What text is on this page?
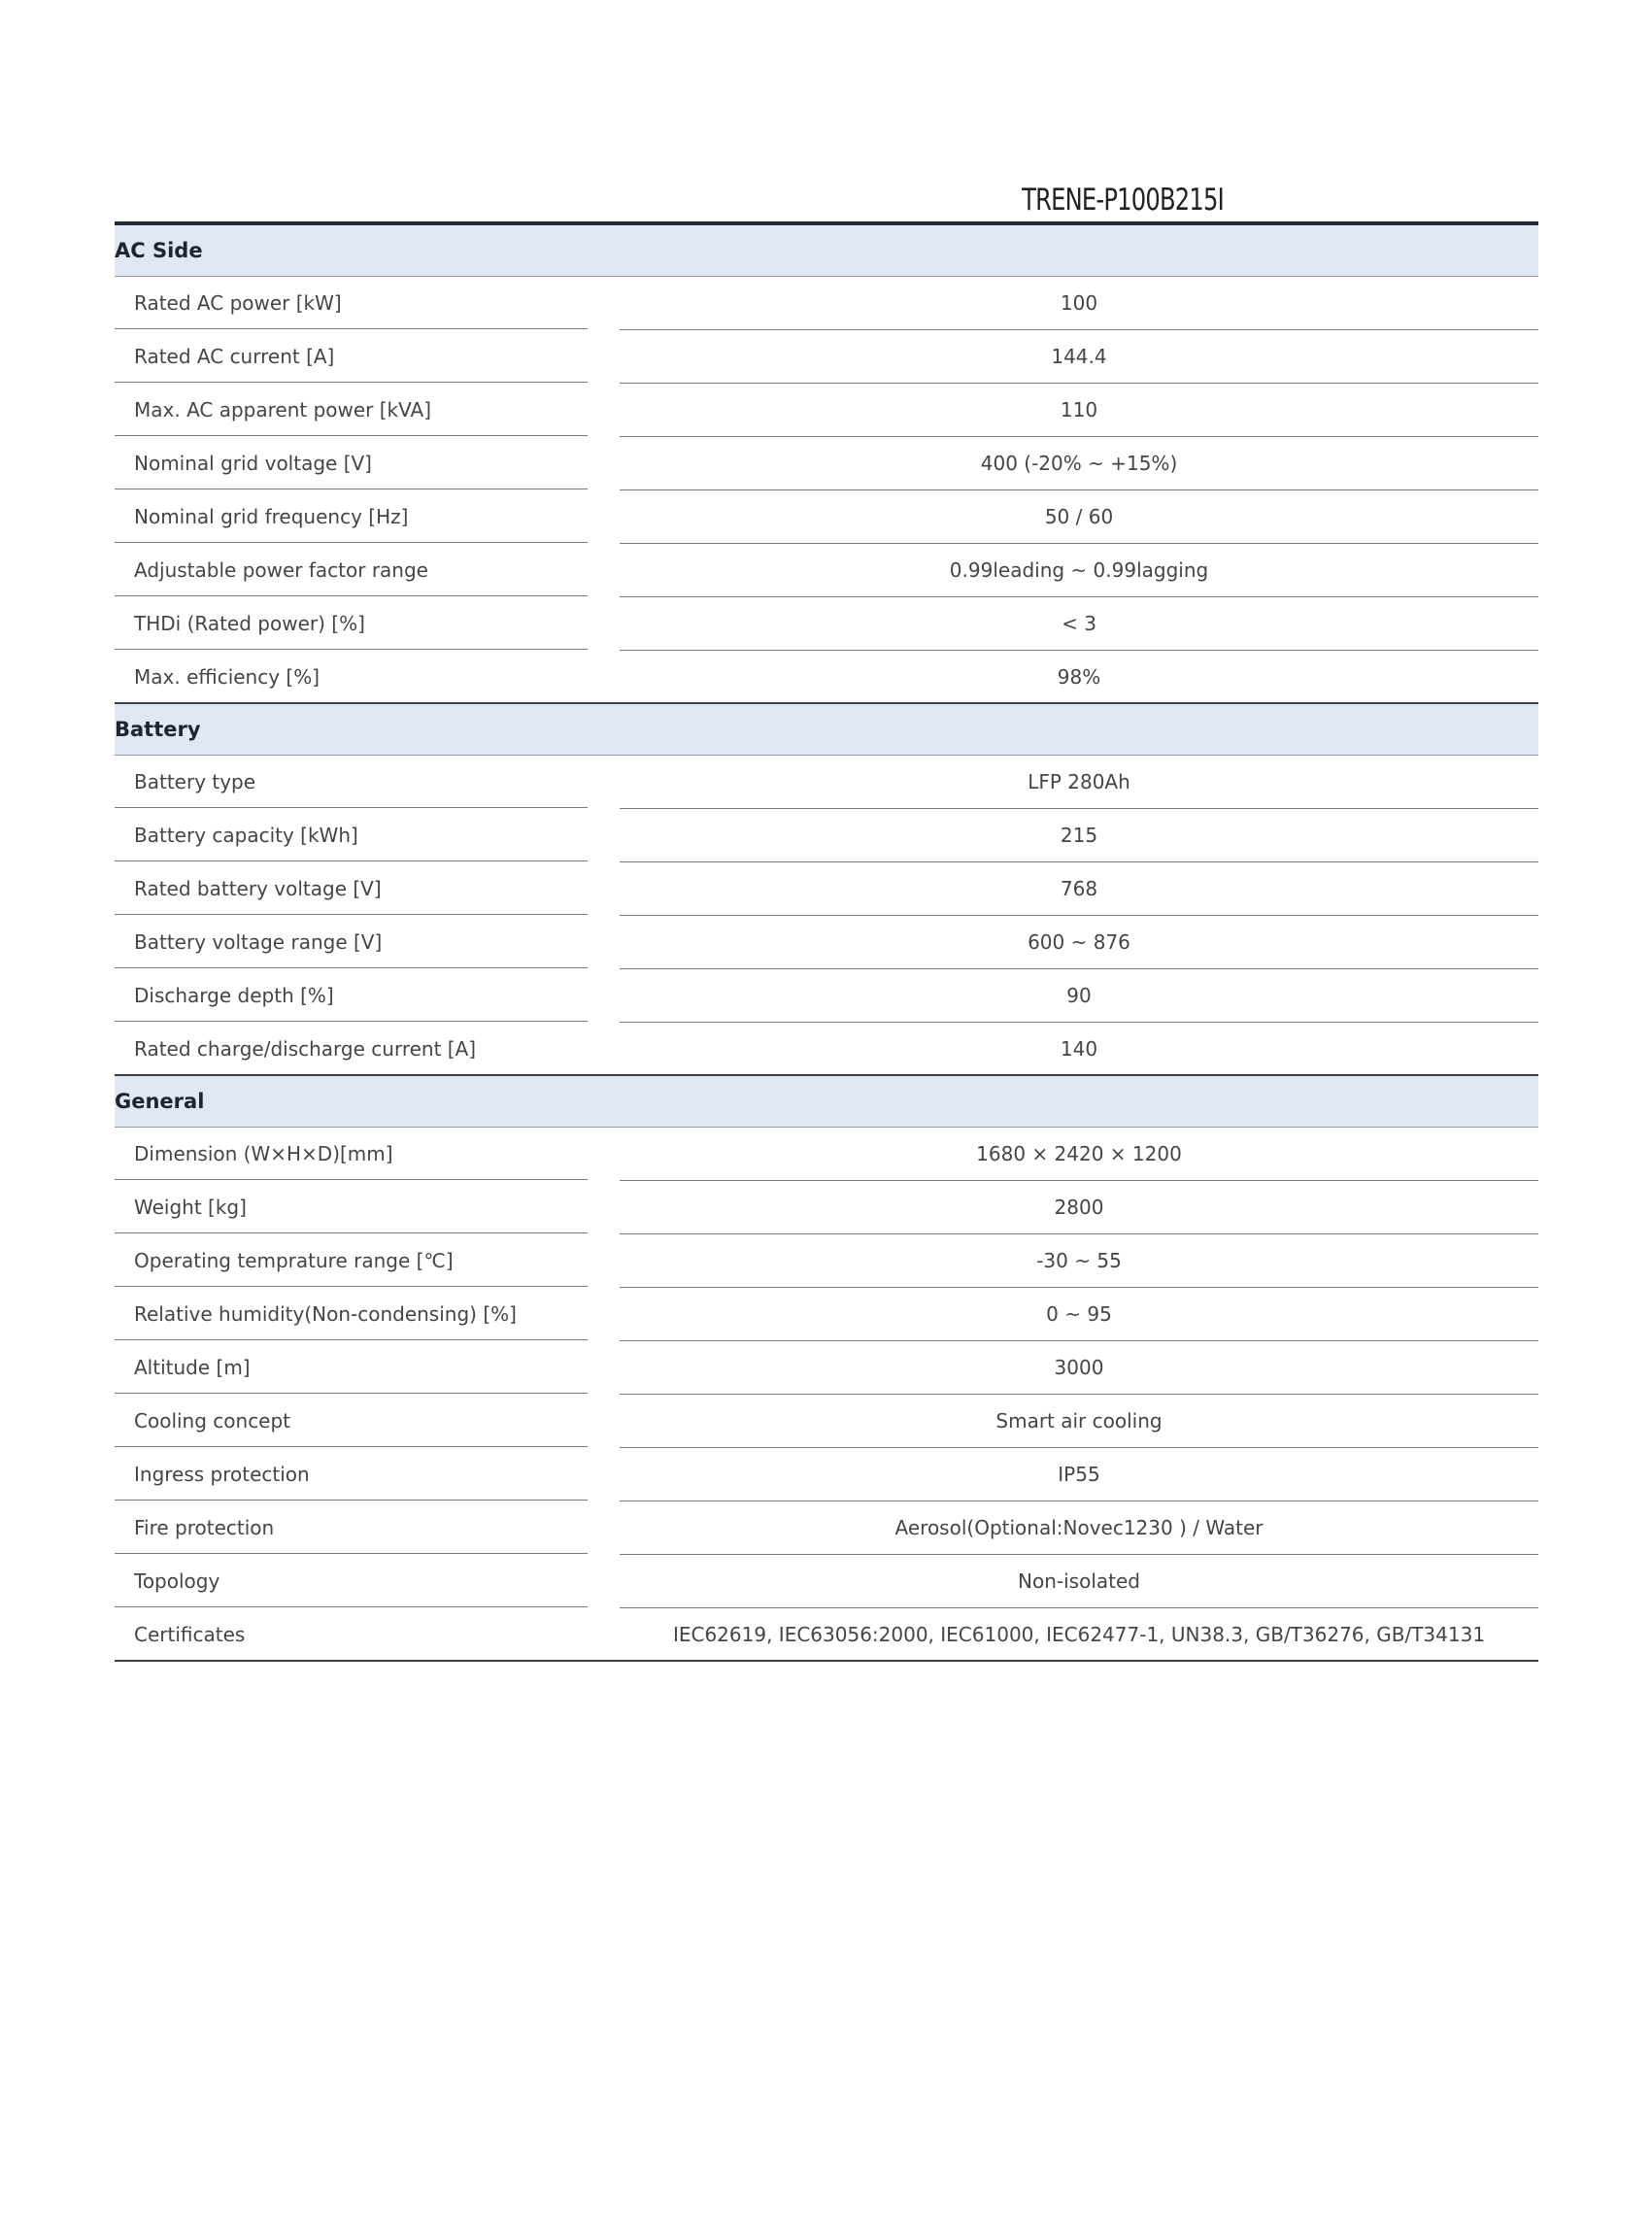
TRENE-P100B215I
AC Side
Rated AC power [kW]	100
Rated AC current [A]	144.4
Max. AC apparent power [kVA]	110
Nominal grid voltage [V]	400 (-20% ~ +15%)
Nominal grid frequency [Hz]	50 / 60
Adjustable power factor range	0.99leading ~ 0.99lagging
THDi (Rated power) [%]	< 3
Max. efficiency [%]	98%
Battery
Battery type	LFP 280Ah
Battery capacity [kWh]	215
Rated battery voltage [V]	768
Battery voltage range [V]	600 ~ 876
Discharge depth [%]	90
Rated charge/discharge current [A]	140
General
Dimension (W×H×D)[mm]	1680 × 2420 × 1200
Weight [kg]	2800
Operating temprature range [℃]	-30 ~ 55
Relative humidity(Non-condensing) [%]	0 ~ 95
Altitude [m]	3000
Cooling concept	Smart air cooling
Ingress protection	IP55
Fire protection	Aerosol(Optional:Novec1230 ) / Water
Topology	Non-isolated
Certificates	IEC62619, IEC63056:2000, IEC61000, IEC62477-1, UN38.3, GB/T36276, GB/T34131
